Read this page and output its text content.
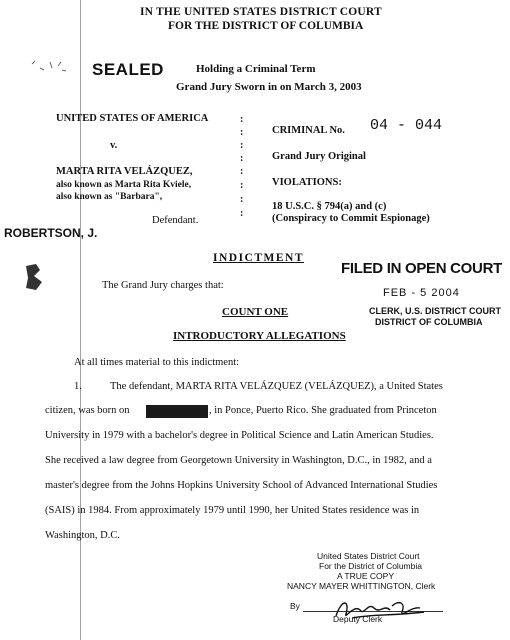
IN THE UNITED STATES DISTRICT COURT
FOR THE DISTRICT OF COLUMBIA
SEALED	Holding a Criminal Term
Grand Jury Sworn in on March 3, 2003
UNITED STATES OF AMERICA
v.
MARTA RITA VELÁZQUEZ,
also known as Marta Rita Kviele,
also known as "Barbara",
Defendant.
ROBERTSON, J.
:
:
:
:
:
:
:
:
CRIMINAL No. 04 - 044
Grand Jury Original
VIOLATIONS:
18 U.S.C. § 794(a) and (c)
(Conspiracy to Commit Espionage)
INDICTMENT
The Grand Jury charges that:
FILED IN OPEN COURT
FEB - 5 2004
CLERK, U.S. DISTRICT COURT
DISTRICT OF COLUMBIA
COUNT ONE
INTRODUCTORY ALLEGATIONS
At all times material to this indictment:
1.	The defendant, MARTA RITA VELÁZQUEZ (VELÁZQUEZ), a United States
citizen, was born on	, in Ponce, Puerto Rico. She graduated from Princeton
University in 1979 with a bachelor's degree in Political Science and Latin American Studies.
She received a law degree from Georgetown University in Washington, D.C., in 1982, and a
master's degree from the Johns Hopkins University School of Advanced International Studies
(SAIS) in 1984. From approximately 1979 until 1990, her United States residence was in
Washington, D.C.
United States District Court
For the District of Columbia
A TRUE COPY
NANCY MAYER WHITTINGTON, Clerk
By
Deputy Clerk
